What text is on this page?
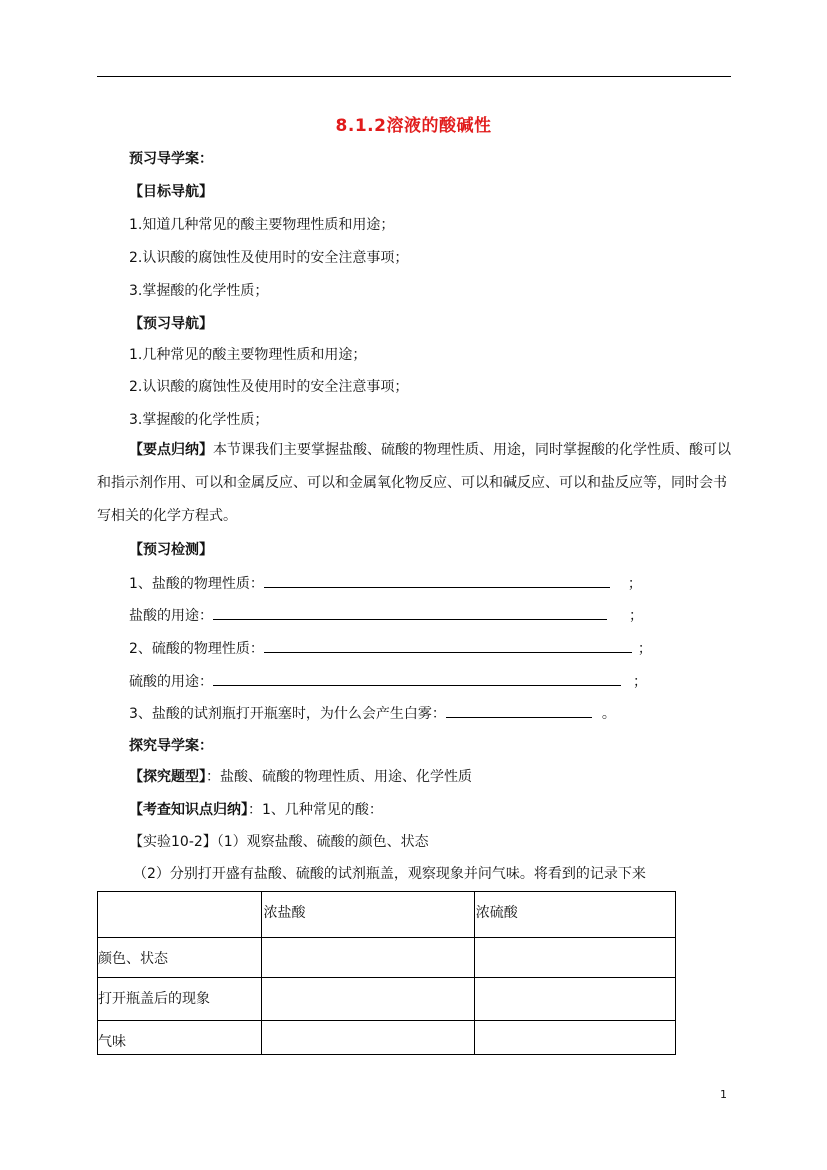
8.1.2溶液的酸碱性
预习导学案：
【目标导航】
1.知道几种常见的酸主要物理性质和用途；
2.认识酸的腐蚀性及使用时的安全注意事项；
3.掌握酸的化学性质；
【预习导航】
1.几种常见的酸主要物理性质和用途；
2.认识酸的腐蚀性及使用时的安全注意事项；
3.掌握酸的化学性质；
【要点归纳】本节课我们主要掌握盐酸、硫酸的物理性质、用途，同时掌握酸的化学性质、酸可以和指示剂作用、可以和金属反应、可以和金属氧化物反应、可以和碱反应、可以和盐反应等，同时会书写相关的化学方程式。
【预习检测】
1、盐酸的物理性质：	；
盐酸的用途：	；
2、硫酸的物理性质：	；
硫酸的用途：	；
3、盐酸的试剂瓶打开瓶塞时，为什么会产生白雾：	。
探究导学案：
【探究题型】：盐酸、硫酸的物理性质、用途、化学性质
【考查知识点归纳】：1、几种常见的酸：
【实验10-2】（1）观察盐酸、硫酸的颜色、状态
（2）分别打开盛有盐酸、硫酸的试剂瓶盖，观察现象并问气味。将看到的记录下来

	浓盐酸	浓硫酸

颜色、状态		

打开瓶盖后的现象		

气味		

1
